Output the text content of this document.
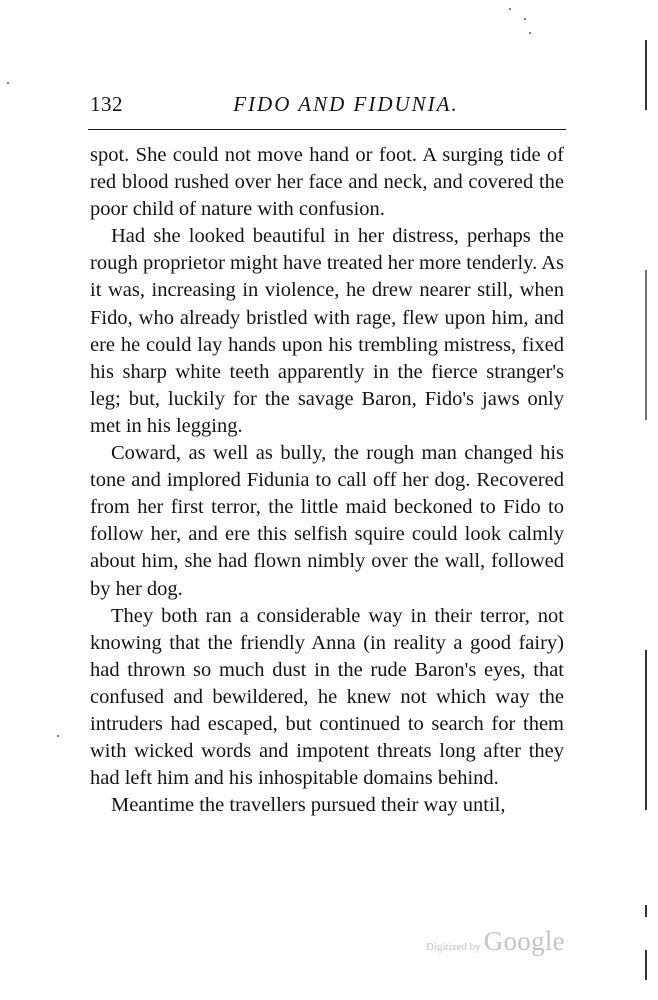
132	FIDO AND FIDUNIA.

spot. She could not move hand or foot. A surging tide of red blood rushed over her face and neck, and covered the poor child of nature with confusion.

Had she looked beautiful in her distress, perhaps the rough proprietor might have treated her more tenderly. As it was, increasing in violence, he drew nearer still, when Fido, who already bristled with rage, flew upon him, and ere he could lay hands upon his trembling mistress, fixed his sharp white teeth apparently in the fierce stranger's leg; but, luckily for the savage Baron, Fido's jaws only met in his legging.

Coward, as well as bully, the rough man changed his tone and implored Fidunia to call off her dog. Recovered from her first terror, the little maid beckoned to Fido to follow her, and ere this selfish squire could look calmly about him, she had flown nimbly over the wall, followed by her dog.

They both ran a considerable way in their terror, not knowing that the friendly Anna (in reality a good fairy) had thrown so much dust in the rude Baron's eyes, that confused and bewildered, he knew not which way the intruders had escaped, but continued to search for them with wicked words and impotent threats long after they had left him and his inhospitable domains behind.

Meantime the travellers pursued their way until,

Digitized by Google
